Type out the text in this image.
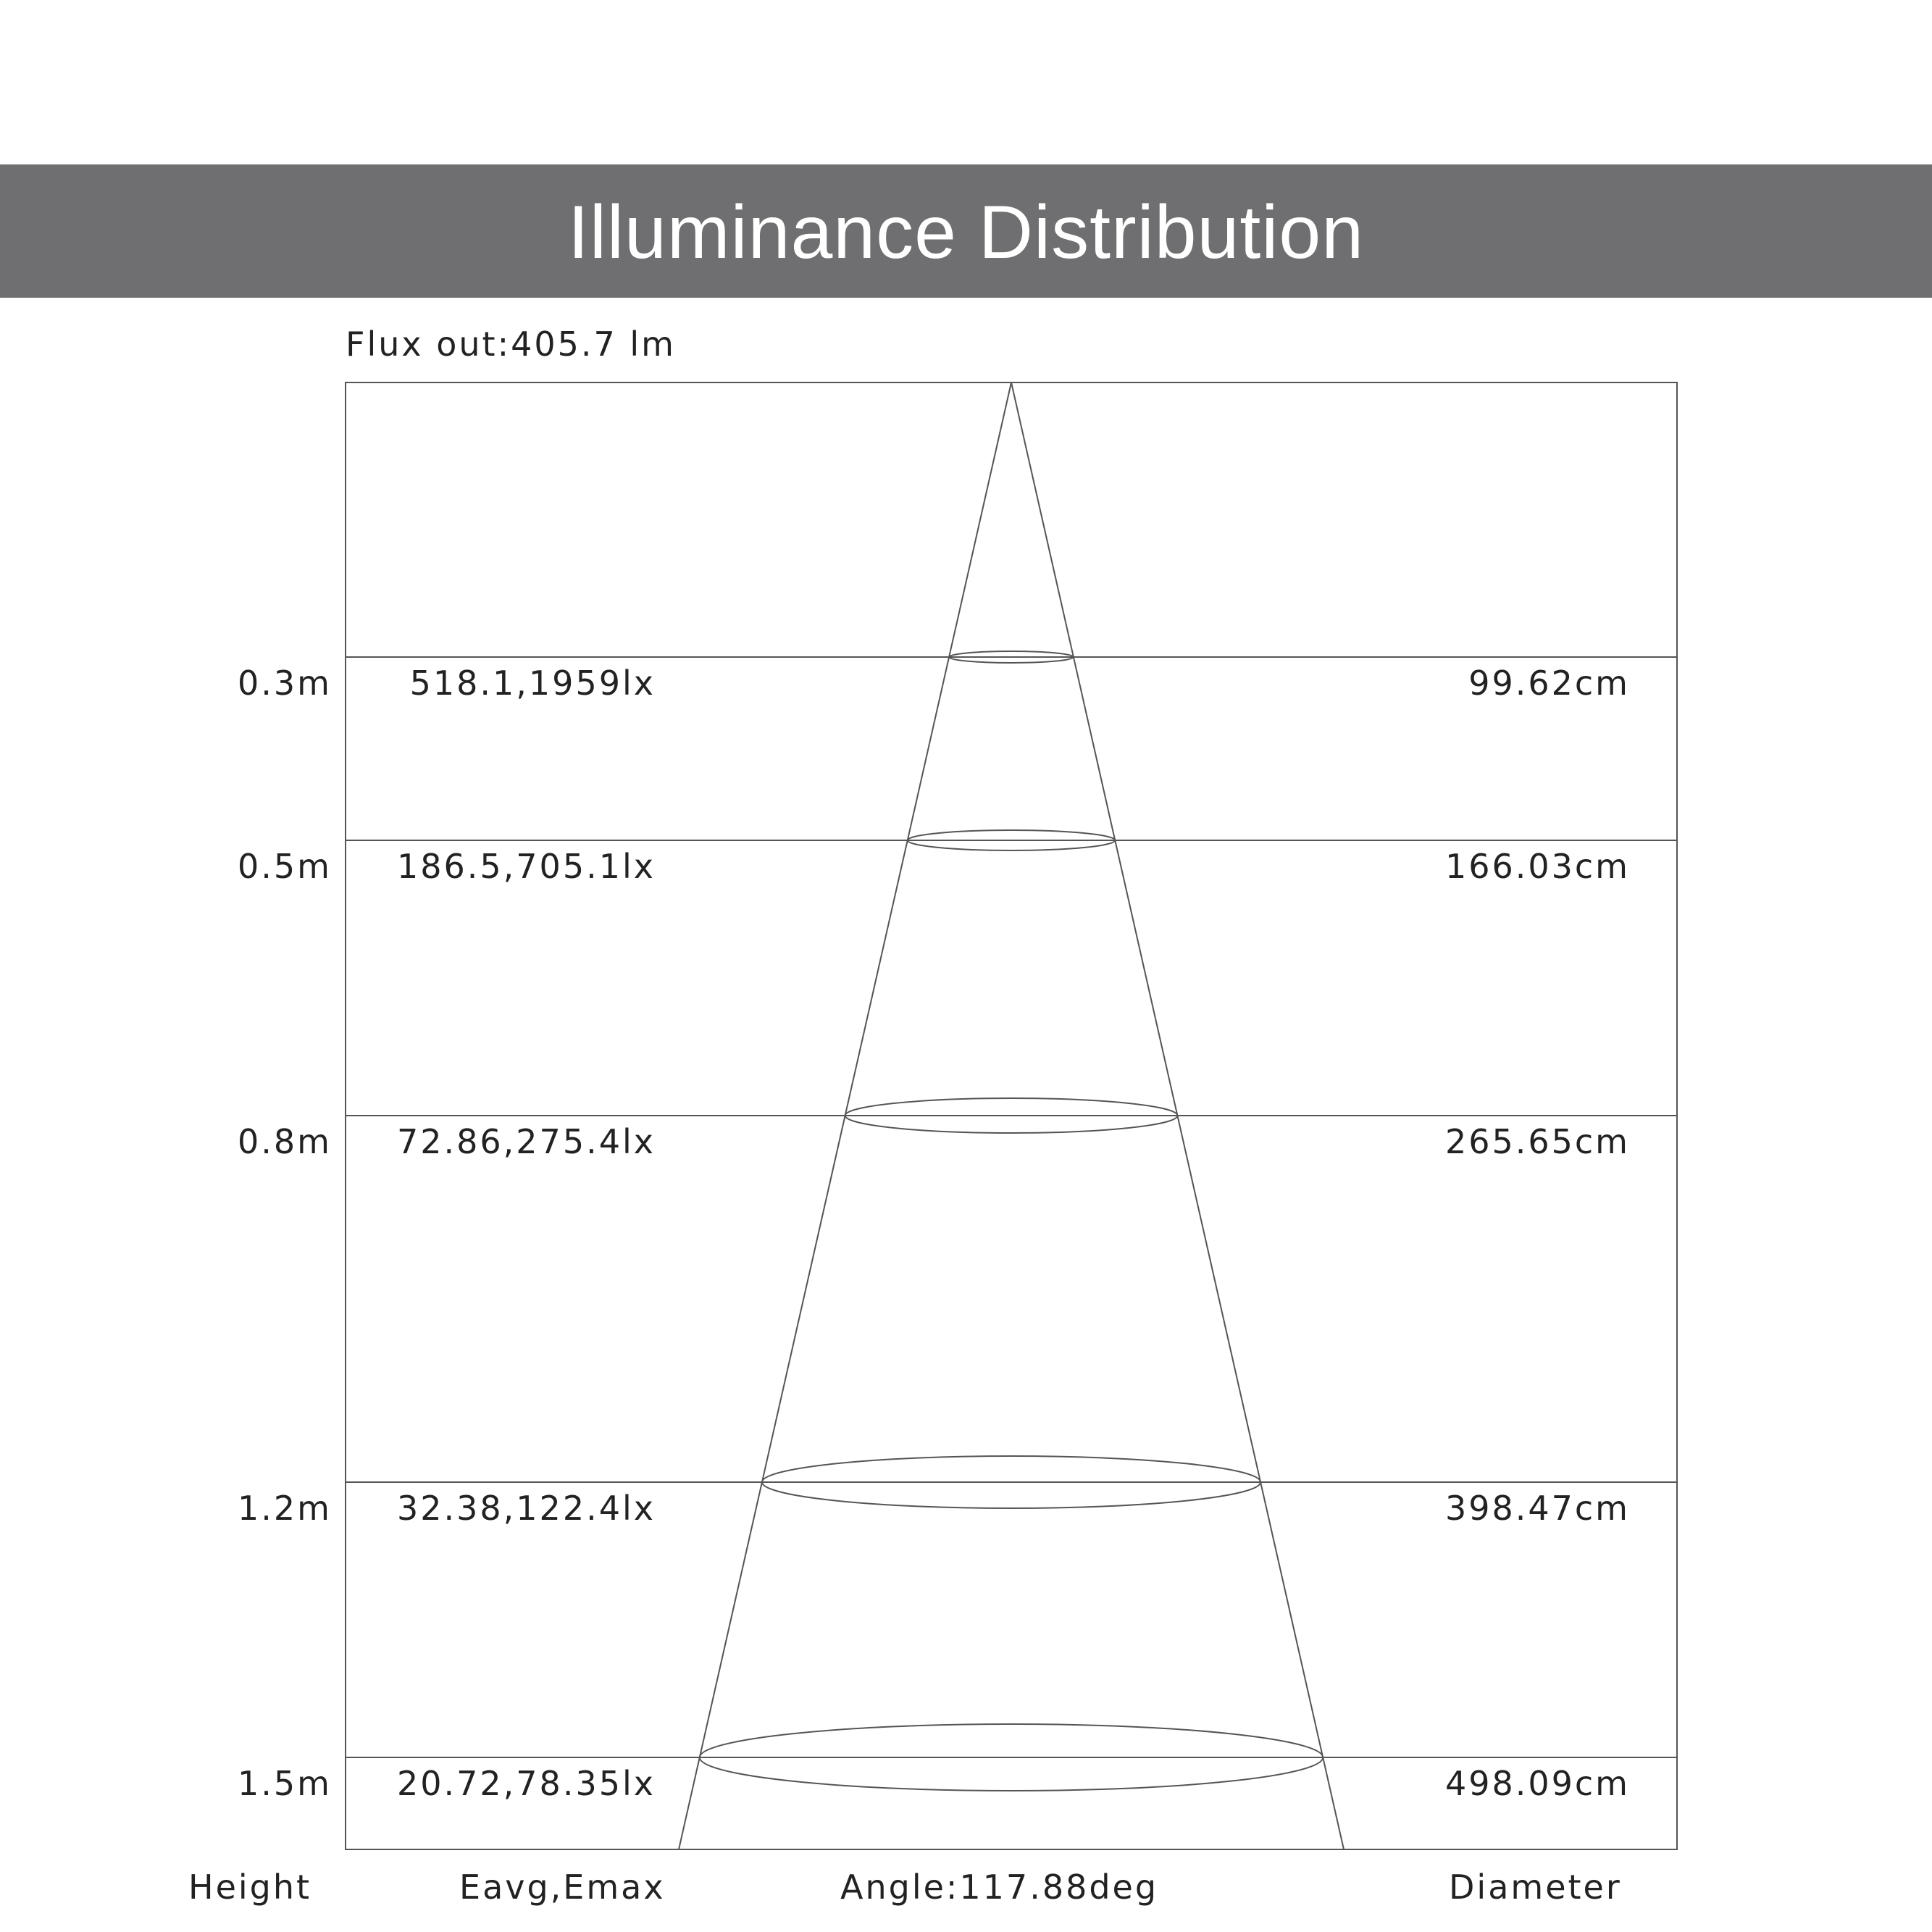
Illuminance Distribution
Flux out:405.7 lm
0.3m 518.1,1959lx	99.62cm
0.5m 186.5,705.1lx	166.03cm
0.8m 72.86,275.4lx	265.65cm
1.2m 32.38,122.4lx	398.47cm
1.5m 20.72,78.35lx	498.09cm
Height	Eavg,Emax	Angle:117.88deg	Diameter
